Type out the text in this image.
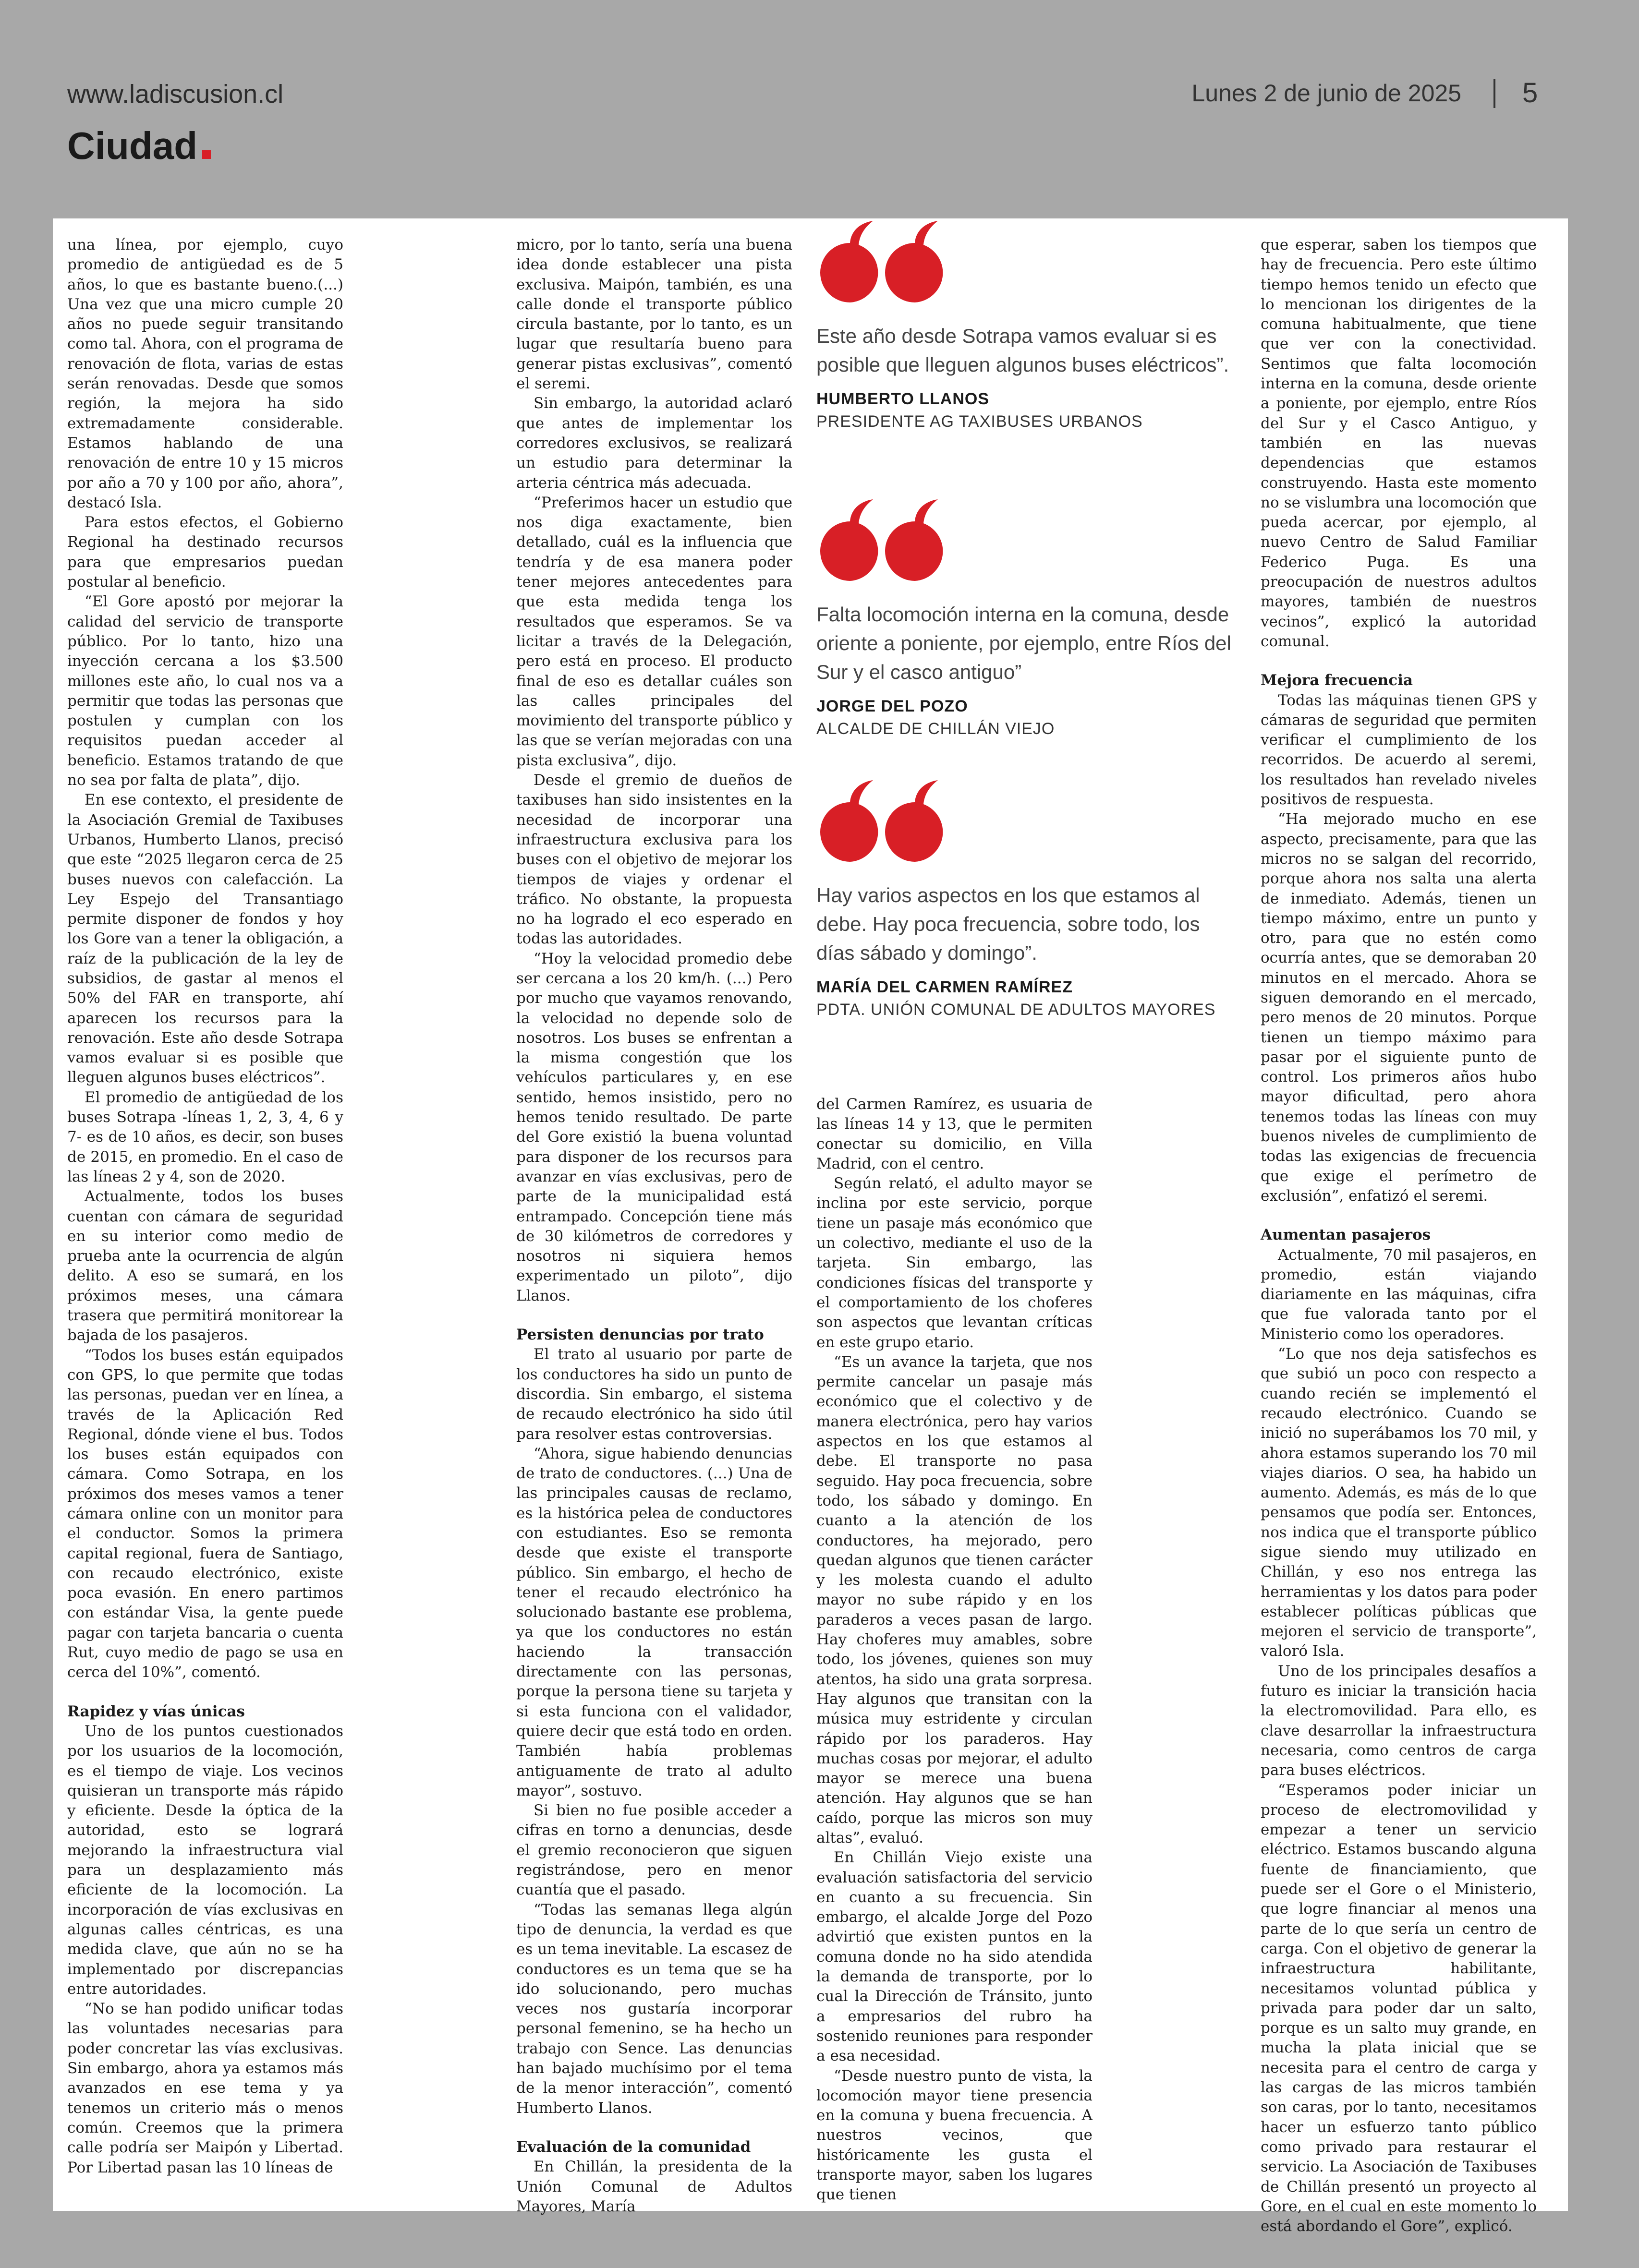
www.ladiscusion.cl
Ciudad
Lunes 2 de junio de 2025 5

una línea, por ejemplo, cuyo promedio de antigüedad es de 5 años, lo que es bastante bueno.(...) Una vez que una micro cumple 20 años no puede seguir transitando como tal. Ahora, con el programa de renovación de flota, varias de estas serán renovadas. Desde que somos región, la mejora ha sido extremadamente considerable. Estamos hablando de una renovación de entre 10 y 15 micros por año a 70 y 100 por año, ahora”, destacó Isla.

Para estos efectos, el Gobierno Regional ha destinado recursos para que empresarios puedan postular al beneficio.

“El Gore apostó por mejorar la calidad del servicio de transporte público. Por lo tanto, hizo una inyección cercana a los $3.500 millones este año, lo cual nos va a permitir que todas las personas que postulen y cumplan con los requisitos puedan acceder al beneficio. Estamos tratando de que no sea por falta de plata”, dijo.

En ese contexto, el presidente de la Asociación Gremial de Taxibuses Urbanos, Humberto Llanos, precisó que este “2025 llegaron cerca de 25 buses nuevos con calefacción. La Ley Espejo del Transantiago permite disponer de fondos y hoy los Gore van a tener la obligación, a raíz de la publicación de la ley de subsidios, de gastar al menos el 50% del FAR en transporte, ahí aparecen los recursos para la renovación. Este año desde Sotrapa vamos evaluar si es posible que lleguen algunos buses eléctricos”.

El promedio de antigüedad de los buses Sotrapa -líneas 1, 2, 3, 4, 6 y 7- es de 10 años, es decir, son buses de 2015, en promedio. En el caso de las líneas 2 y 4, son de 2020.

Actualmente, todos los buses cuentan con cámara de seguridad en su interior como medio de prueba ante la ocurrencia de algún delito. A eso se sumará, en los próximos meses, una cámara trasera que permitirá monitorear la bajada de los pasajeros.

“Todos los buses están equipados con GPS, lo que permite que todas las personas, puedan ver en línea, a través de la Aplicación Red Regional, dónde viene el bus. Todos los buses están equipados con cámara. Como Sotrapa, en los próximos dos meses vamos a tener cámara online con un monitor para el conductor. Somos la primera capital regional, fuera de Santiago, con recaudo electrónico, existe poca evasión. En enero partimos con estándar Visa, la gente puede pagar con tarjeta bancaria o cuenta Rut, cuyo medio de pago se usa en cerca del 10%”, comentó.

Rapidez y vías únicas

Uno de los puntos cuestionados por los usuarios de la locomoción, es el tiempo de viaje. Los vecinos quisieran un transporte más rápido y eficiente. Desde la óptica de la autoridad, esto se logrará mejorando la infraestructura vial para un desplazamiento más eficiente de la locomoción. La incorporación de vías exclusivas en algunas calles céntricas, es una medida clave, que aún no se ha implementado por discrepancias entre autoridades.

“No se han podido unificar todas las voluntades necesarias para poder concretar las vías exclusivas. Sin embargo, ahora ya estamos más avanzados en ese tema y ya tenemos un criterio más o menos común. Creemos que la primera calle podría ser Maipón y Libertad. Por Libertad pasan las 10 líneas de

micro, por lo tanto, sería una buena idea donde establecer una pista exclusiva. Maipón, también, es una calle donde el transporte público circula bastante, por lo tanto, es un lugar que resultaría bueno para generar pistas exclusivas”, comentó el seremi.

Sin embargo, la autoridad aclaró que antes de implementar los corredores exclusivos, se realizará un estudio para determinar la arteria céntrica más adecuada.

“Preferimos hacer un estudio que nos diga exactamente, bien detallado, cuál es la influencia que tendría y de esa manera poder tener mejores antecedentes para que esta medida tenga los resultados que esperamos. Se va licitar a través de la Delegación, pero está en proceso. El producto final de eso es detallar cuáles son las calles principales del movimiento del transporte público y las que se verían mejoradas con una pista exclusiva”, dijo.

Desde el gremio de dueños de taxibuses han sido insistentes en la necesidad de incorporar una infraestructura exclusiva para los buses con el objetivo de mejorar los tiempos de viajes y ordenar el tráfico. No obstante, la propuesta no ha logrado el eco esperado en todas las autoridades.

“Hoy la velocidad promedio debe ser cercana a los 20 km/h. (...) Pero por mucho que vayamos renovando, la velocidad no depende solo de nosotros. Los buses se enfrentan a la misma congestión que los vehículos particulares y, en ese sentido, hemos insistido, pero no hemos tenido resultado. De parte del Gore existió la buena voluntad para disponer de los recursos para avanzar en vías exclusivas, pero de parte de la municipalidad está entrampado. Concepción tiene más de 30 kilómetros de corredores y nosotros ni siquiera hemos experimentado un piloto”, dijo Llanos.

Persisten denuncias por trato

El trato al usuario por parte de los conductores ha sido un punto de discordia. Sin embargo, el sistema de recaudo electrónico ha sido útil para resolver estas controversias.

“Ahora, sigue habiendo denuncias de trato de conductores. (...) Una de las principales causas de reclamo, es la histórica pelea de conductores con estudiantes. Eso se remonta desde que existe el transporte público. Sin embargo, el hecho de tener el recaudo electrónico ha solucionado bastante ese problema, ya que los conductores no están haciendo la transacción directamente con las personas, porque la persona tiene su tarjeta y si esta funciona con el validador, quiere decir que está todo en orden. También había problemas antiguamente de trato al adulto mayor”, sostuvo.

Si bien no fue posible acceder a cifras en torno a denuncias, desde el gremio reconocieron que siguen registrándose, pero en menor cuantía que el pasado.

“Todas las semanas llega algún tipo de denuncia, la verdad es que es un tema inevitable. La escasez de conductores es un tema que se ha ido solucionando, pero muchas veces nos gustaría incorporar personal femenino, se ha hecho un trabajo con Sence. Las denuncias han bajado muchísimo por el tema de la menor interacción”, comentó Humberto Llanos.

Evaluación de la comunidad

En Chillán, la presidenta de la Unión Comunal de Adultos Mayores, María

Este año desde Sotrapa vamos evaluar si es posible que lleguen algunos buses eléctricos”.
HUMBERTO LLANOS
PRESIDENTE AG TAXIBUSES URBANOS
Falta locomoción interna en la comuna, desde oriente a poniente, por ejemplo, entre Ríos del Sur y el casco antiguo”
JORGE DEL POZO
ALCALDE DE CHILLÁN VIEJO
Hay varios aspectos en los que estamos al debe. Hay poca frecuencia, sobre todo, los días sábado y domingo”.
MARÍA DEL CARMEN RAMÍREZ
PDTA. UNIÓN COMUNAL DE ADULTOS MAYORES

del Carmen Ramírez, es usuaria de las líneas 14 y 13, que le permiten conectar su domicilio, en Villa Madrid, con el centro.

Según relató, el adulto mayor se inclina por este servicio, porque tiene un pasaje más económico que un colectivo, mediante el uso de la tarjeta. Sin embargo, las condiciones físicas del transporte y el comportamiento de los choferes son aspectos que levantan críticas en este grupo etario.

“Es un avance la tarjeta, que nos permite cancelar un pasaje más económico que el colectivo y de manera electrónica, pero hay varios aspectos en los que estamos al debe. El transporte no pasa seguido. Hay poca frecuencia, sobre todo, los sábado y domingo. En cuanto a la atención de los conductores, ha mejorado, pero quedan algunos que tienen carácter y les molesta cuando el adulto mayor no sube rápido y en los paraderos a veces pasan de largo. Hay choferes muy amables, sobre todo, los jóvenes, quienes son muy atentos, ha sido una grata sorpresa. Hay algunos que transitan con la música muy estridente y circulan rápido por los paraderos. Hay muchas cosas por mejorar, el adulto mayor se merece una buena atención. Hay algunos que se han caído, porque las micros son muy altas”, evaluó.

En Chillán Viejo existe una evaluación satisfactoria del servicio en cuanto a su frecuencia. Sin embargo, el alcalde Jorge del Pozo advirtió que existen puntos en la comuna donde no ha sido atendida la demanda de transporte, por lo cual la Dirección de Tránsito, junto a empresarios del rubro ha sostenido reuniones para responder a esa necesidad.

“Desde nuestro punto de vista, la locomoción mayor tiene presencia en la comuna y buena frecuencia. A nuestros vecinos, que históricamente les gusta el transporte mayor, saben los lugares que tienen

que esperar, saben los tiempos que hay de frecuencia. Pero este último tiempo hemos tenido un efecto que lo mencionan los dirigentes de la comuna habitualmente, que tiene que ver con la conectividad. Sentimos que falta locomoción interna en la comuna, desde oriente a poniente, por ejemplo, entre Ríos del Sur y el Casco Antiguo, y también en las nuevas dependencias que estamos construyendo. Hasta este momento no se vislumbra una locomoción que pueda acercar, por ejemplo, al nuevo Centro de Salud Familiar Federico Puga. Es una preocupación de nuestros adultos mayores, también de nuestros vecinos”, explicó la autoridad comunal.

Mejora frecuencia

Todas las máquinas tienen GPS y cámaras de seguridad que permiten verificar el cumplimiento de los recorridos. De acuerdo al seremi, los resultados han revelado niveles positivos de respuesta.

“Ha mejorado mucho en ese aspecto, precisamente, para que las micros no se salgan del recorrido, porque ahora nos salta una alerta de inmediato. Además, tienen un tiempo máximo, entre un punto y otro, para que no estén como ocurría antes, que se demoraban 20 minutos en el mercado. Ahora se siguen demorando en el mercado, pero menos de 20 minutos. Porque tienen un tiempo máximo para pasar por el siguiente punto de control. Los primeros años hubo mayor dificultad, pero ahora tenemos todas las líneas con muy buenos niveles de cumplimiento de todas las exigencias de frecuencia que exige el perímetro de exclusión”, enfatizó el seremi.

Aumentan pasajeros

Actualmente, 70 mil pasajeros, en promedio, están viajando diariamente en las máquinas, cifra que fue valorada tanto por el Ministerio como los operadores.

“Lo que nos deja satisfechos es que subió un poco con respecto a cuando recién se implementó el recaudo electrónico. Cuando se inició no superábamos los 70 mil, y ahora estamos superando los 70 mil viajes diarios. O sea, ha habido un aumento. Además, es más de lo que pensamos que podía ser. Entonces, nos indica que el transporte público sigue siendo muy utilizado en Chillán, y eso nos entrega las herramientas y los datos para poder establecer políticas públicas que mejoren el servicio de transporte”, valoró Isla.

Uno de los principales desafíos a futuro es iniciar la transición hacia la electromovilidad. Para ello, es clave desarrollar la infraestructura necesaria, como centros de carga para buses eléctricos.

“Esperamos poder iniciar un proceso de electromovilidad y empezar a tener un servicio eléctrico. Estamos buscando alguna fuente de financiamiento, que puede ser el Gore o el Ministerio, que logre financiar al menos una parte de lo que sería un centro de carga. Con el objetivo de generar la infraestructura habilitante, necesitamos voluntad pública y privada para poder dar un salto, porque es un salto muy grande, en mucha la plata inicial que se necesita para el centro de carga y las cargas de las micros también son caras, por lo tanto, necesitamos hacer un esfuerzo tanto público como privado para restaurar el servicio. La Asociación de Taxibuses de Chillán presentó un proyecto al Gore, en el cual en este momento lo está abordando el Gore”, explicó.
